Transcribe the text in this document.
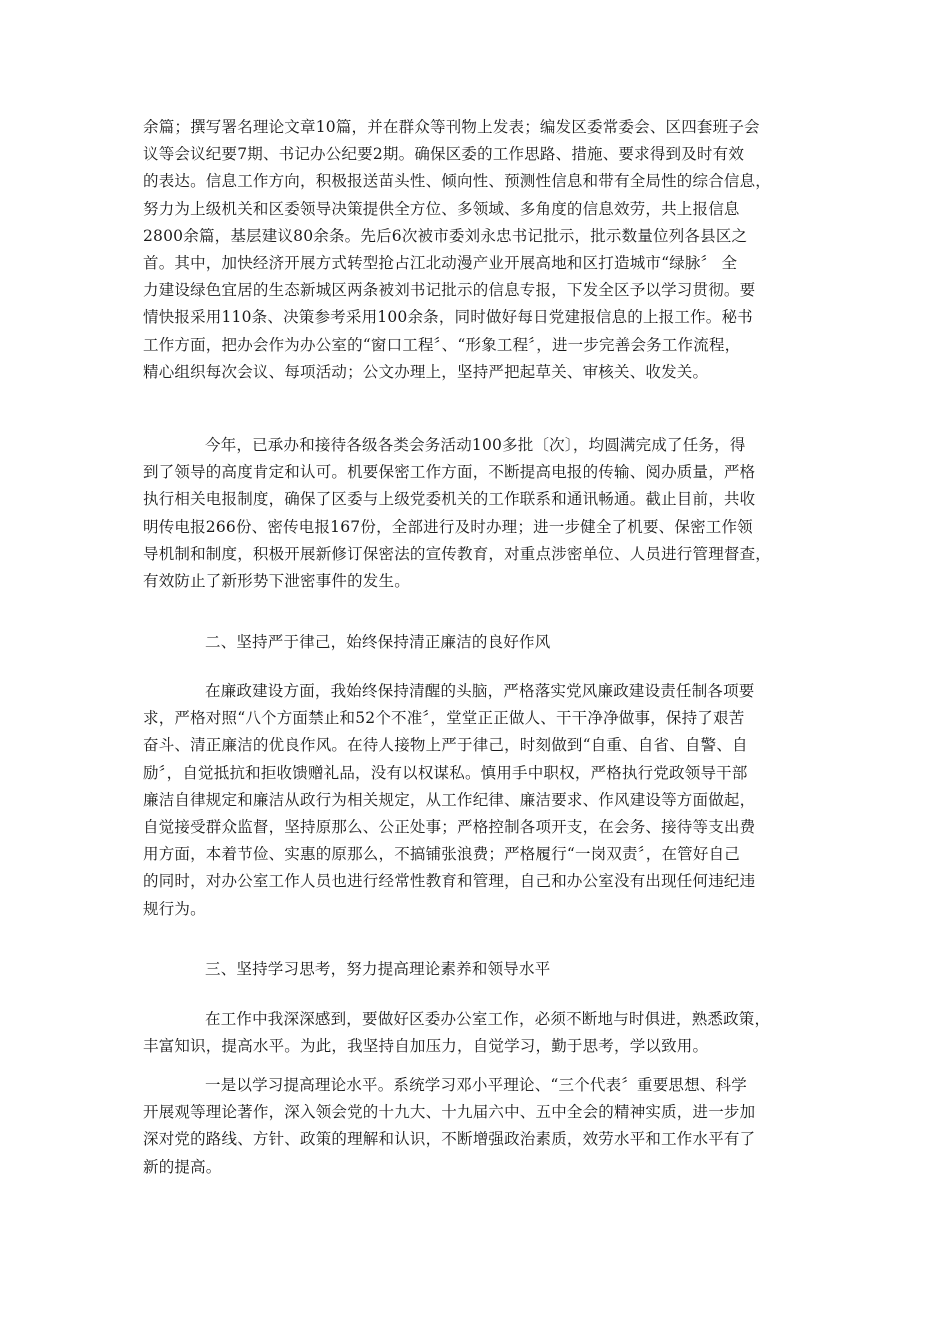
余篇；撰写署名理论文章10篇，并在群众等刊物上发表；编发区委常委会、区四套班子会
议等会议纪要7期、书记办公纪要2期。确保区委的工作思路、措施、要求得到及时有效
的表达。信息工作方向，积极报送苗头性、倾向性、预测性信息和带有全局性的综合信息，
努力为上级机关和区委领导决策提供全方位、多领域、多角度的信息效劳，共上报信息
2800余篇，基层建议80余条。先后6次被市委刘永忠书记批示，批示数量位列各县区之
首。其中，加快经济开展方式转型抢占江北动漫产业开展高地和区打造城市“绿脉〞 全
力建设绿色宜居的生态新城区两条被刘书记批示的信息专报，下发全区予以学习贯彻。要
情快报采用110条、决策参考采用100余条，同时做好每日党建报信息的上报工作。秘书
工作方面，把办会作为办公室的“窗口工程〞、“形象工程〞，进一步完善会务工作流程，
精心组织每次会议、每项活动；公文办理上，坚持严把起草关、审核关、收发关。
今年，已承办和接待各级各类会务活动100多批〔次〕，均圆满完成了任务，得
到了领导的高度肯定和认可。机要保密工作方面，不断提高电报的传输、阅办质量，严格
执行相关电报制度，确保了区委与上级党委机关的工作联系和通讯畅通。截止目前，共收
明传电报266份、密传电报167份，全部进行及时办理；进一步健全了机要、保密工作领
导机制和制度，积极开展新修订保密法的宣传教育，对重点涉密单位、人员进行管理督查，
有效防止了新形势下泄密事件的发生。
二、坚持严于律己，始终保持清正廉洁的良好作风
在廉政建设方面，我始终保持清醒的头脑，严格落实党风廉政建设责任制各项要
求，严格对照“八个方面禁止和52个不准〞，堂堂正正做人、干干净净做事，保持了艰苦
奋斗、清正廉洁的优良作风。在待人接物上严于律己，时刻做到“自重、自省、自警、自
励〞，自觉抵抗和拒收馈赠礼品，没有以权谋私。慎用手中职权，严格执行党政领导干部
廉洁自律规定和廉洁从政行为相关规定，从工作纪律、廉洁要求、作风建设等方面做起，
自觉接受群众监督，坚持原那么、公正处事；严格控制各项开支，在会务、接待等支出费
用方面，本着节俭、实惠的原那么，不搞铺张浪费；严格履行“一岗双责〞，在管好自己
的同时，对办公室工作人员也进行经常性教育和管理，自己和办公室没有出现任何违纪违
规行为。
三、坚持学习思考，努力提高理论素养和领导水平
在工作中我深深感到，要做好区委办公室工作，必须不断地与时俱进，熟悉政策，
丰富知识，提高水平。为此，我坚持自加压力，自觉学习，勤于思考，学以致用。
一是以学习提高理论水平。系统学习邓小平理论、“三个代表〞重要思想、科学
开展观等理论著作，深入领会党的十九大、十九届六中、五中全会的精神实质，进一步加
深对党的路线、方针、政策的理解和认识，不断增强政治素质，效劳水平和工作水平有了
新的提高。
